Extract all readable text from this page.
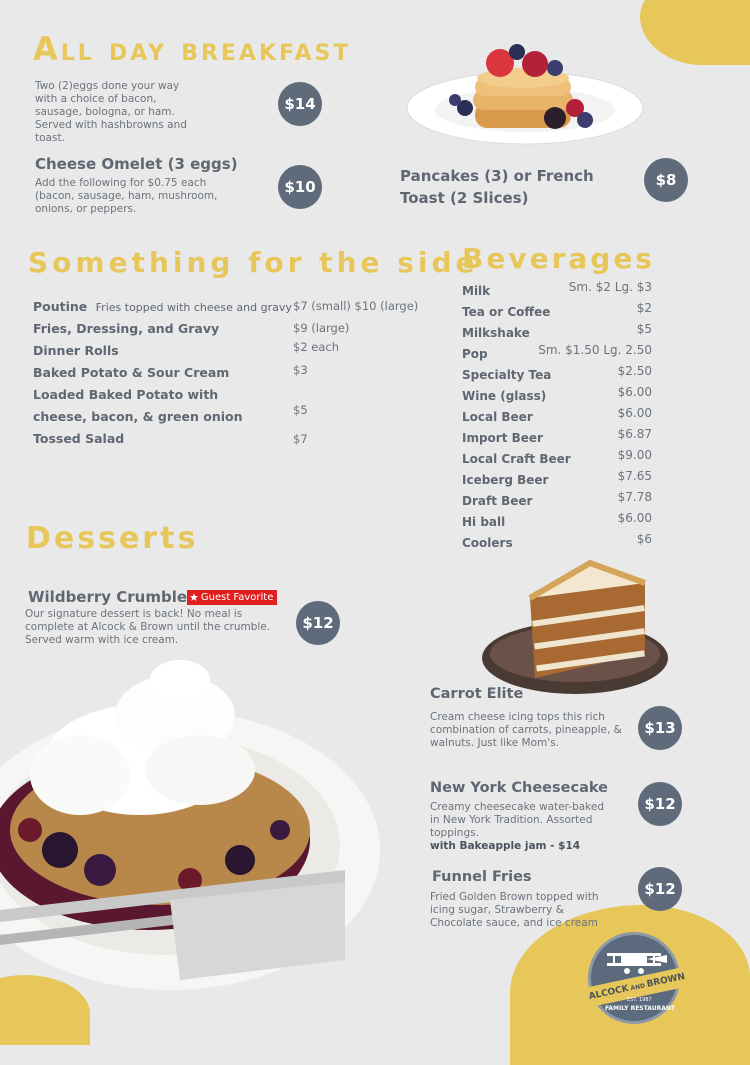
All day breakfast
Two (2)eggs done your way with a choice of bacon, sausage, bologna, or ham. Served with hashbrowns and toast.
$14
Cheese Omelet (3 eggs)
Add the following for $0.75 each (bacon, sausage, ham, mushroom, onions, or peppers.
$10
Pancakes (3) or French Toast (2 Slices)
$8
Something for the side
Poutine Fries topped with cheese and gravy $7 (small) $10 (large)
Fries, Dressing, and Gravy	$9 (large)
Dinner Rolls	$2 each
Baked Potato & Sour Cream	$3
Loaded Baked Potato with
cheese, bacon, & green onion	$5
Tossed Salad	$7
Beverages
Milk	Sm. $2 Lg. $3
Tea or Coffee	$2
Milkshake	$5
Pop	Sm. $1.50 Lg. 2.50
Specialty Tea	$2.50
Wine (glass)	$6.00
Local Beer	$6.00
Import Beer	$6.87
Local Craft Beer	$9.00
Iceberg Beer	$7.65
Draft Beer	$7.78
Hi ball	$6.00
Coolers	$6
Desserts
Wildberry Crumble ★ Guest Favorite
Our signature dessert is back! No meal is complete at Alcock & Brown until the crumble. Served warm with ice cream.
$12
Carrot Elite
Cream cheese icing tops this rich combination of carrots, pineapple, & walnuts. Just like Mom's.
$13
New York Cheesecake
Creamy cheesecake water-baked in New York Tradition. Assorted toppings.
with Bakeapple jam - $14
$12
Funnel Fries
Fried Golden Brown topped with icing sugar, Strawberry & Chocolate sauce, and ice cream
$12
ALCOCK AND BROWN
EST. 1987
FAMILY RESTAURANT
